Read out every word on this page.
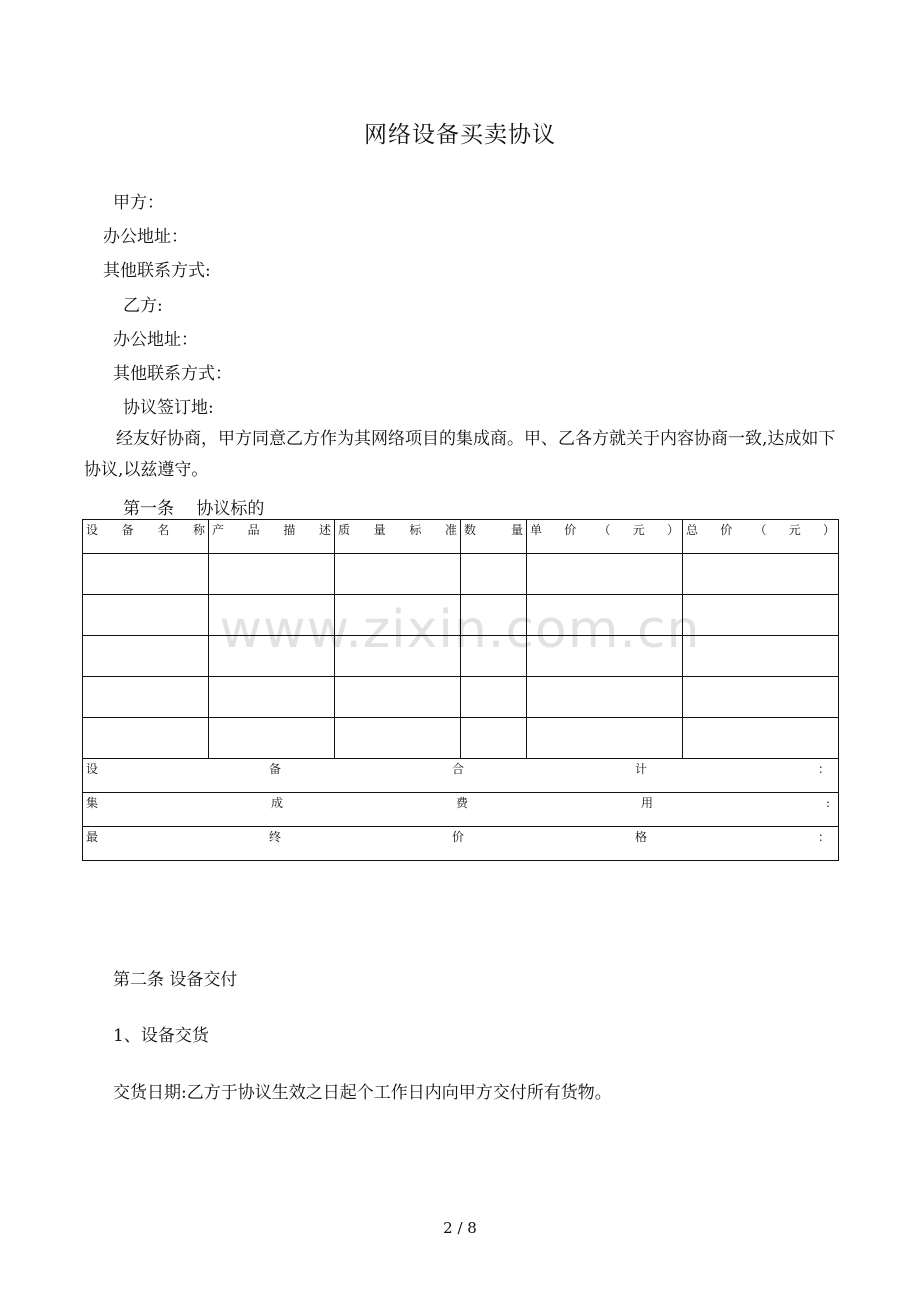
网络设备买卖协议
甲方：
办公地址：
其他联系方式:
乙方:
办公地址：
其他联系方式：
协议签订地:
经友好协商，甲方同意乙方作为其网络项目的集成商。甲、乙各方就关于内容协商一致,达成如下协议,以兹遵守。
第一条　 协议标的
www.zixin.com.cn
设 备 名 称	产 品 描 述	质 量 标 准	数 量	单 价 （ 元 ）	总 价 （ 元 ）

设 备 合 计 ：					

集 成 费 用 :					

最 终 价 格 ：					
第二条 设备交付
1、设备交货
交货日期:乙方于协议生效之日起个工作日内向甲方交付所有货物。
2 / 8
